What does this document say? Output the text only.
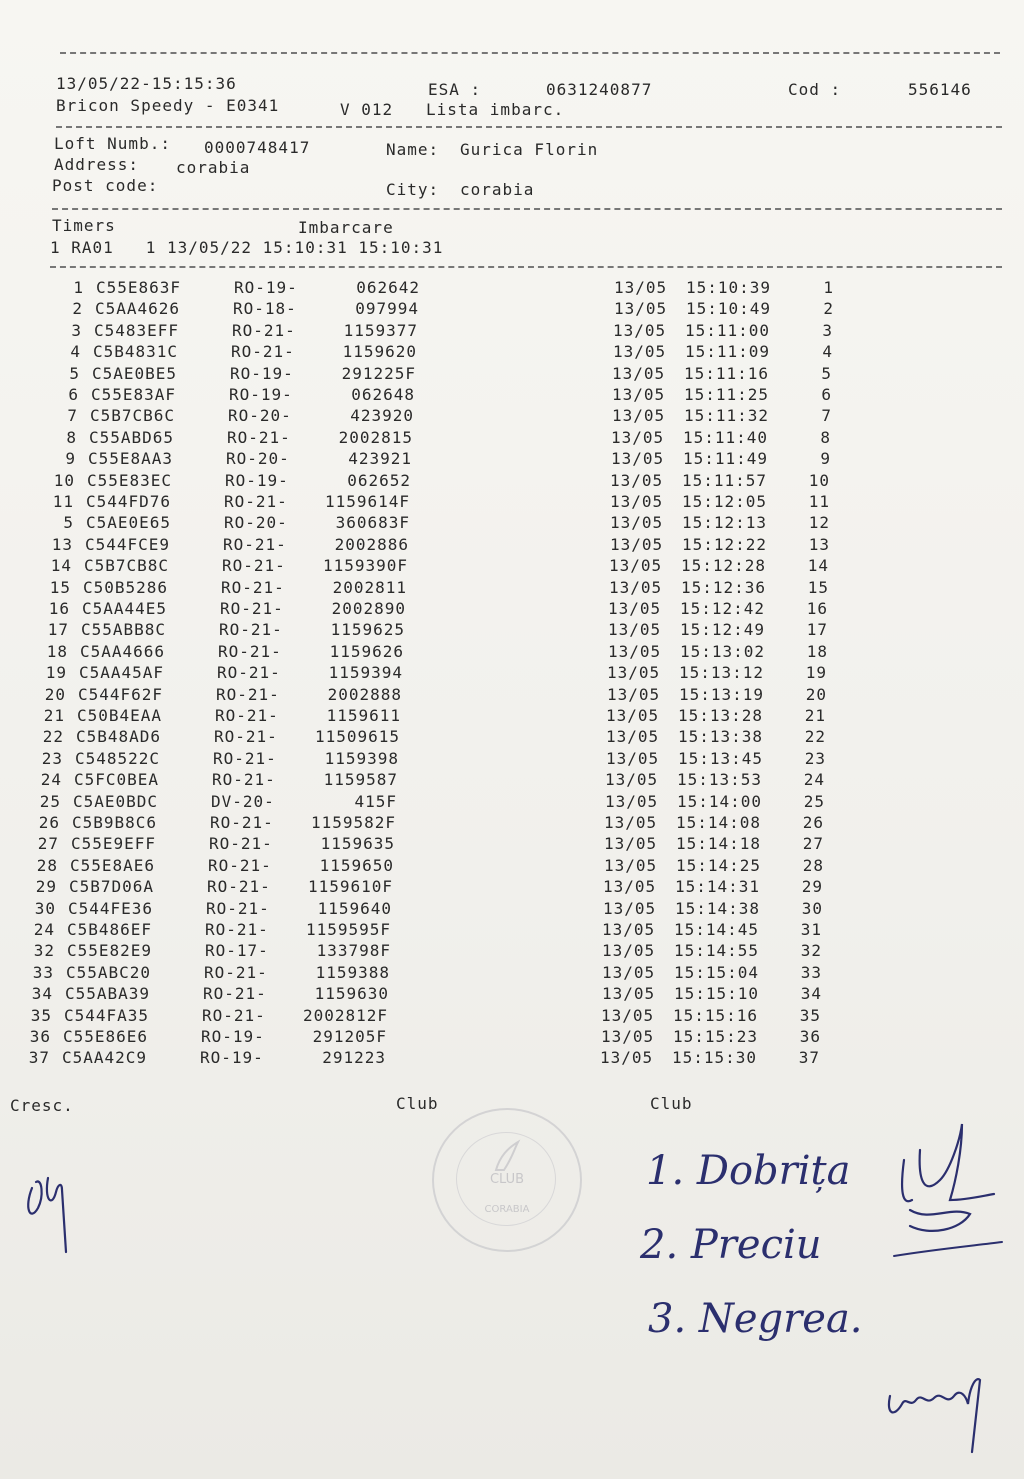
13/05/22-15:15:36	ESA :	0631240877	Cod :	556146
Bricon Speedy - E0341	V 012 Lista imbarc.
Loft Numb.: 0000748417	Name: Gurica Florin
Address: corabia
Post code:	City: corabia
Timers	Imbarcare
1 RA01   1 13/05/22 15:10:31 15:10:31
1 C55E863F	RO-19-	062642	13/05 15:10:39	1
2 C5AA4626	RO-18-	097994	13/05 15:10:49	2
3 C5483EFF	RO-21-	1159377	13/05 15:11:00	3
4 C5B4831C	RO-21-	1159620	13/05 15:11:09	4
5 C5AE0BE5	RO-19-	291225F	13/05 15:11:16	5
6 C55E83AF	RO-19-	062648	13/05 15:11:25	6
7 C5B7CB6C	RO-20-	423920	13/05 15:11:32	7
8 C55ABD65	RO-21-	2002815	13/05 15:11:40	8
9 C55E8AA3	RO-20-	423921	13/05 15:11:49	9
10 C55E83EC	RO-19-	062652	13/05 15:11:57	10
11 C544FD76	RO-21- 1159614F	13/05 15:12:05	11
5 C5AE0E65	RO-20-	360683F	13/05 15:12:13	12
13 C544FCE9	RO-21-	2002886	13/05 15:12:22	13
14 C5B7CB8C	RO-21- 1159390F	13/05 15:12:28	14
15 C50B5286	RO-21-	2002811	13/05 15:12:36	15
16 C5AA44E5	RO-21-	2002890	13/05 15:12:42	16
17 C55ABB8C	RO-21-	1159625	13/05 15:12:49	17
18 C5AA4666	RO-21-	1159626	13/05 15:13:02	18
19 C5AA45AF	RO-21-	1159394	13/05 15:13:12	19
20 C544F62F	RO-21-	2002888	13/05 15:13:19	20
21 C50B4EAA	RO-21-	1159611	13/05 15:13:28	21
22 C5B48AD6	RO-21- 11509615	13/05 15:13:38	22
23 C548522C	RO-21-	1159398	13/05 15:13:45	23
24 C5FC0BEA	RO-21-	1159587	13/05 15:13:53	24
25 C5AE0BDC	DV-20-	415F	13/05 15:14:00	25
26 C5B9B8C6	RO-21- 1159582F	13/05 15:14:08	26
27 C55E9EFF	RO-21-	1159635	13/05 15:14:18	27
28 C55E8AE6	RO-21-	1159650	13/05 15:14:25	28
29 C5B7D06A	RO-21- 1159610F	13/05 15:14:31	29
30 C544FE36	RO-21-	1159640	13/05 15:14:38	30
24 C5B486EF	RO-21- 1159595F	13/05 15:14:45	31
32 C55E82E9	RO-17-	133798F	13/05 15:14:55	32
33 C55ABC20	RO-21-	1159388	13/05 15:15:04	33
34 C55ABA39	RO-21-	1159630	13/05 15:15:10	34
35 C544FA35	RO-21- 2002812F	13/05 15:15:16	35
36 C55E86E6	RO-19-	291205F	13/05 15:15:23	36
37 C5AA42C9	RO-19-	291223	13/05 15:15:30	37
Cresc.	Club	Club
CLUB
CORABIA
1. Dobrița
2. Preciu
3. Negrea.
